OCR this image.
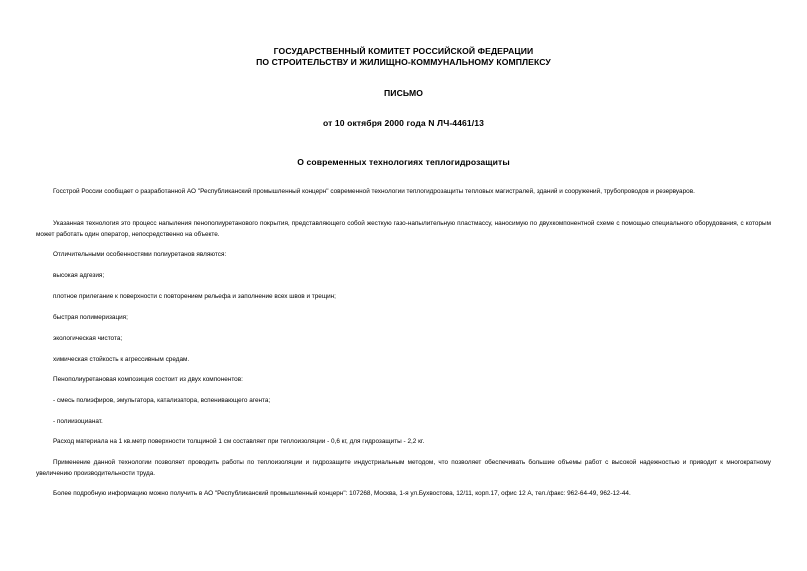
ГОСУДАРСТВЕННЫЙ КОМИТЕТ РОССИЙСКОЙ ФЕДЕРАЦИИ
ПО СТРОИТЕЛЬСТВУ И ЖИЛИЩНО-КОММУНАЛЬНОМУ КОМПЛЕКСУ
ПИСЬМО
от 10 октября 2000 года N ЛЧ-4461/13
О современных технологиях теплогидрозащиты
Госстрой России сообщает о разработанной АО "Республиканский промышленный концерн" современной технологии теплогидрозащиты тепловых магистралей, зданий и сооружений, трубопроводов и резервуаров.
Указанная технология это процесс напыления пенополиуретанового покрытия, представляющего собой жесткую газо-напылительную пластмассу, наносимую по двухкомпонентной схеме с помощью специального оборудования, с которым может работать один оператор, непосредственно на объекте.
Отличительными особенностями полиуретанов являются:
высокая адгезия;
плотное прилегание к поверхности с повторением рельефа и заполнение всех швов и трещин;
быстрая полимеризация;
экологическая чистота;
химическая стойкость к агрессивным средам.
Пенополиуретановая композиция состоит из двух компонентов:
- смесь полиэфиров, эмульгатора, катализатора, вспенивающего агента;
- полиизоцианат.
Расход материала на 1 кв.метр поверхности толщиной 1 см составляет при теплоизоляции - 0,6 кг, для гидрозащиты - 2,2 кг.
Применение данной технологии позволяет проводить работы по теплоизоляции и гидрозащите индустриальным методом, что позволяет обеспечивать большие объемы работ с высокой надежностью и приводит к многократному увеличению производительности труда.
Более подробную информацию можно получить в АО "Республиканский промышленный концерн": 107268, Москва, 1-я ул.Бухвостова, 12/11, корп.17, офис 12 А, тел./факс: 962-64-49, 962-12-44.
